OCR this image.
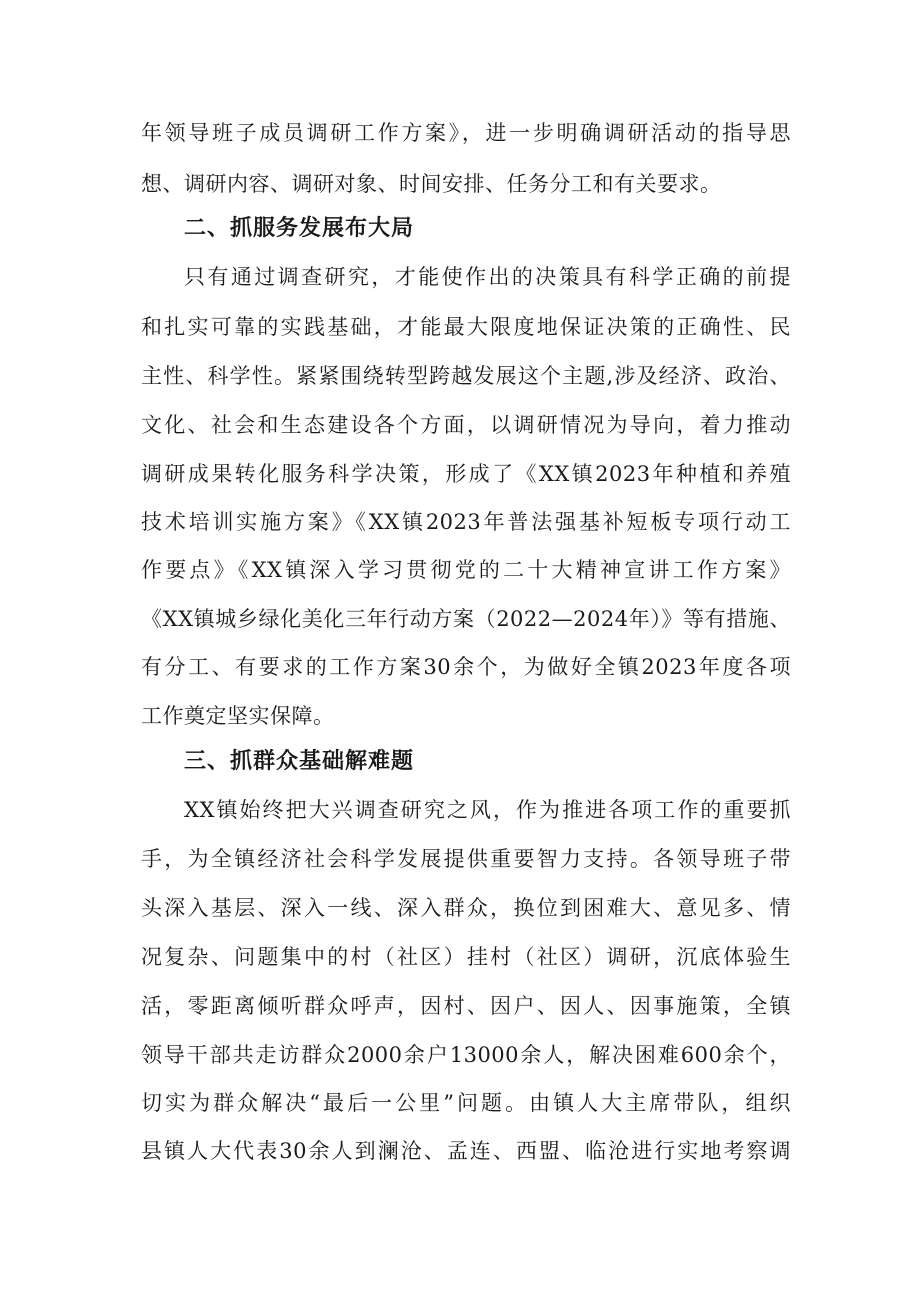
年领导班子成员调研工作方案》，进一步明确调研活动的指导思
想、调研内容、调研对象、时间安排、任务分工和有关要求。
二、抓服务发展布大局
只有通过调查研究，才能使作出的决策具有科学正确的前提
和扎实可靠的实践基础，才能最大限度地保证决策的正确性、民
主性、科学性。紧紧围绕转型跨越发展这个主题,涉及经济、政治、
文化、社会和生态建设各个方面，以调研情况为导向，着力推动
调研成果转化服务科学决策，形成了《XX镇2023年种植和养殖
技术培训实施方案》《XX镇2023年普法强基补短板专项行动工
作要点》《XX镇深入学习贯彻党的二十大精神宣讲工作方案》
《XX镇城乡绿化美化三年行动方案（2022—2024年）》等有措施、
有分工、有要求的工作方案30余个，为做好全镇2023年度各项
工作奠定坚实保障。
三、抓群众基础解难题
XX镇始终把大兴调查研究之风，作为推进各项工作的重要抓
手，为全镇经济社会科学发展提供重要智力支持。各领导班子带
头深入基层、深入一线、深入群众，换位到困难大、意见多、情
况复杂、问题集中的村（社区）挂村（社区）调研，沉底体验生
活，零距离倾听群众呼声，因村、因户、因人、因事施策，全镇
领导干部共走访群众2000余户13000余人，解决困难600余个，
切实为群众解决“最后一公里”问题。由镇人大主席带队，组织
县镇人大代表30余人到澜沧、孟连、西盟、临沧进行实地考察调
